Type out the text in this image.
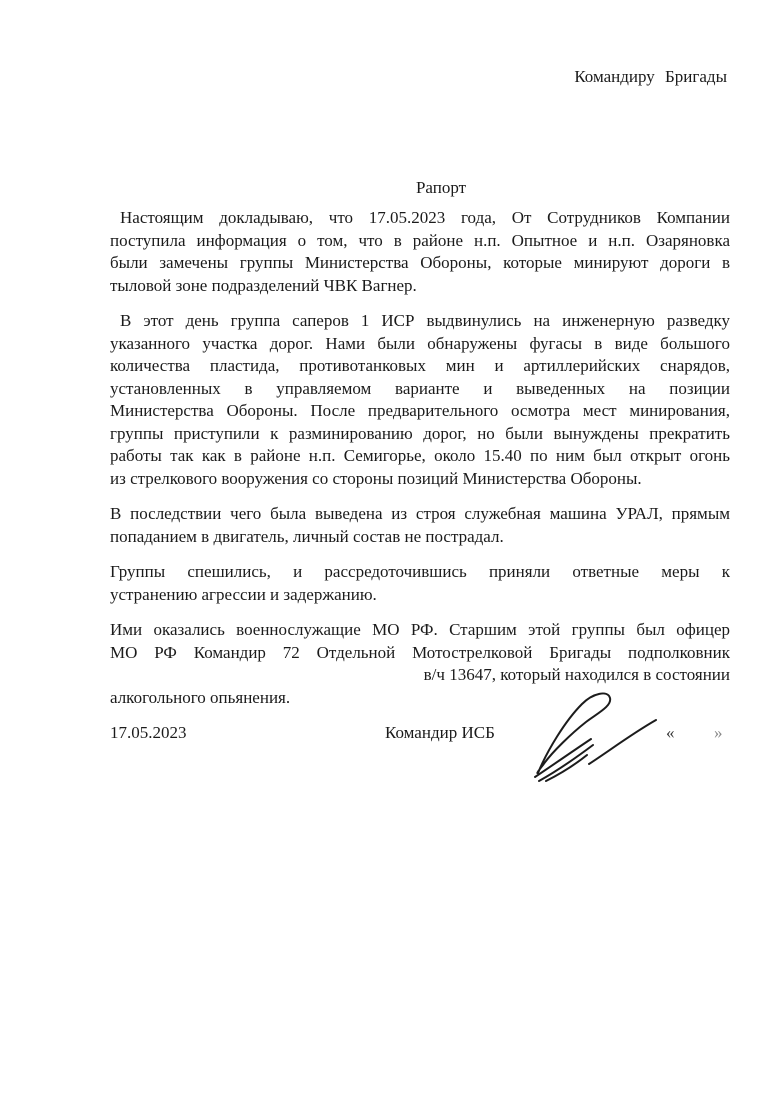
Командиру Бригады
Рапорт
Настоящим докладываю, что 17.05.2023 года, От Сотрудников Компании
поступила информация о том, что в районе н.п. Опытное и н.п. Озаряновка
были замечены группы Министерства Обороны, которые минируют дороги в
тыловой зоне подразделений ЧВК Вагнер.
В этот день группа саперов 1 ИСР выдвинулись на инженерную разведку
указанного участка дорог. Нами были обнаружены фугасы в виде большого
количества пластида, противотанковых мин и артиллерийских снарядов,
установленных в управляемом варианте и выведенных на позиции
Министерства Обороны. После предварительного осмотра мест минирования,
группы приступили к разминированию дорог, но были вынуждены прекратить
работы так как в районе н.п. Семигорье, около 15.40 по ним был открыт огонь
из стрелкового вооружения со стороны позиций Министерства Обороны.
В последствии чего была выведена из строя служебная машина УРАЛ, прямым
попаданием в двигатель, личный состав не пострадал.
Группы спешились, и рассредоточившись приняли ответные меры к
устранению агрессии и задержанию.
Ими оказались военнослужащие МО РФ. Старшим этой группы был офицер
МО РФ Командир 72 Отдельной Мотострелковой Бригады подполковник
в/ч 13647, который находился в состоянии
алкогольного опьянения.
17.05.2023	Командир ИСБ	« »
